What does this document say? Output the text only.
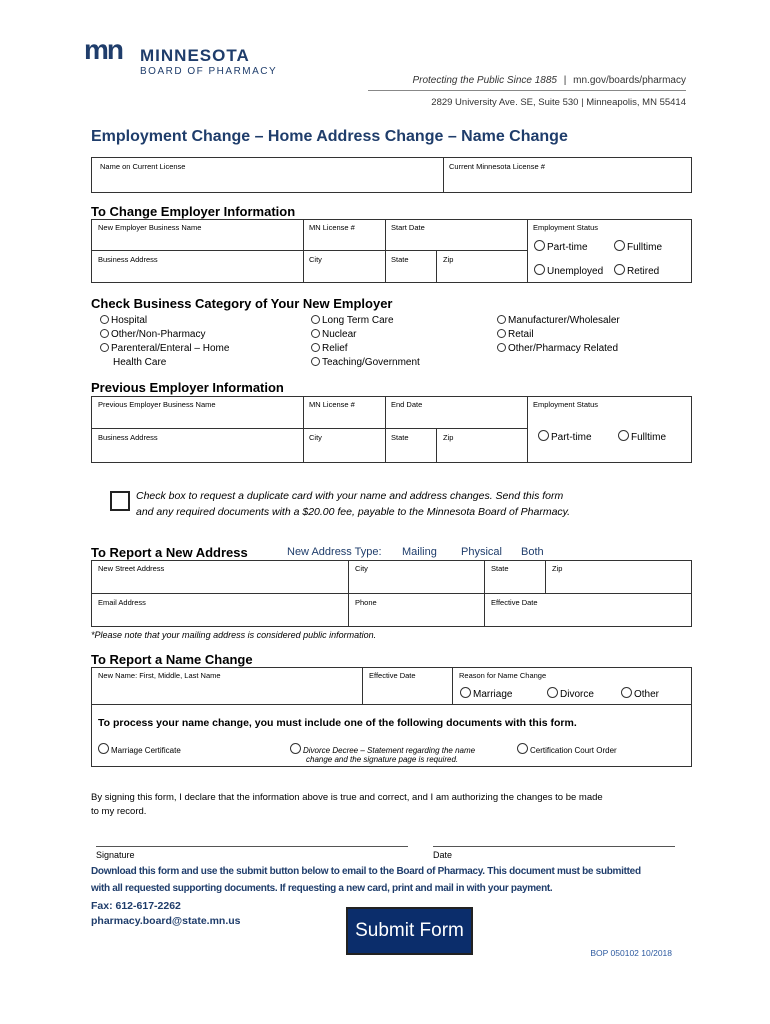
mn MINNESOTA
BOARD OF PHARMACY
Protecting the Public Since 1885 | mn.gov/boards/pharmacy
2829 University Ave. SE, Suite 530 | Minneapolis, MN 55414
Employment Change – Home Address Change – Name Change
Name on Current License	Current Minnesota License #
To Change Employer Information
New Employer Business Name	MN License #	Start Date	Employment Status
Part-time	Fulltime
Unemployed	Retired
Business Address	City	State	Zip
Check Business Category of Your New Employer
Hospital
Other/Non-Pharmacy
Parenteral/Enteral – Home
Health Care
Long Term Care
Nuclear
Relief
Teaching/Government
Manufacturer/Wholesaler
Retail
Other/Pharmacy Related
Previous Employer Information
Previous Employer Business Name	MN License #	End Date	Employment Status
Part-time	Fulltime
Business Address	City	State	Zip
Check box to request a duplicate card with your name and address changes. Send this form
and any required documents with a $20.00 fee, payable to the Minnesota Board of Pharmacy.
To Report a New Address	New Address Type: Mailing Physical Both
New Street Address	City	State	Zip
Email Address	Phone	Effective Date
*Please note that your mailing address is considered public information.
To Report a Name Change
New Name: First, Middle, Last Name	Effective Date	Reason for Name Change
Marriage	Divorce	Other
To process your name change, you must include one of the following documents with this form.
Marriage Certificate	Divorce Decree – Statement regarding the name
change and the signature page is required.
Certification Court Order
By signing this form, I declare that the information above is true and correct, and I am authorizing the changes to be made
to my record.
Signature	Date
Download this form and use the submit button below to email to the Board of Pharmacy. This document must be submitted
with all requested supporting documents. If requesting a new card, print and mail in with your payment.
Fax: 612-617-2262
pharmacy.board@state.mn.us	Submit Form
BOP 050102 10/2018
